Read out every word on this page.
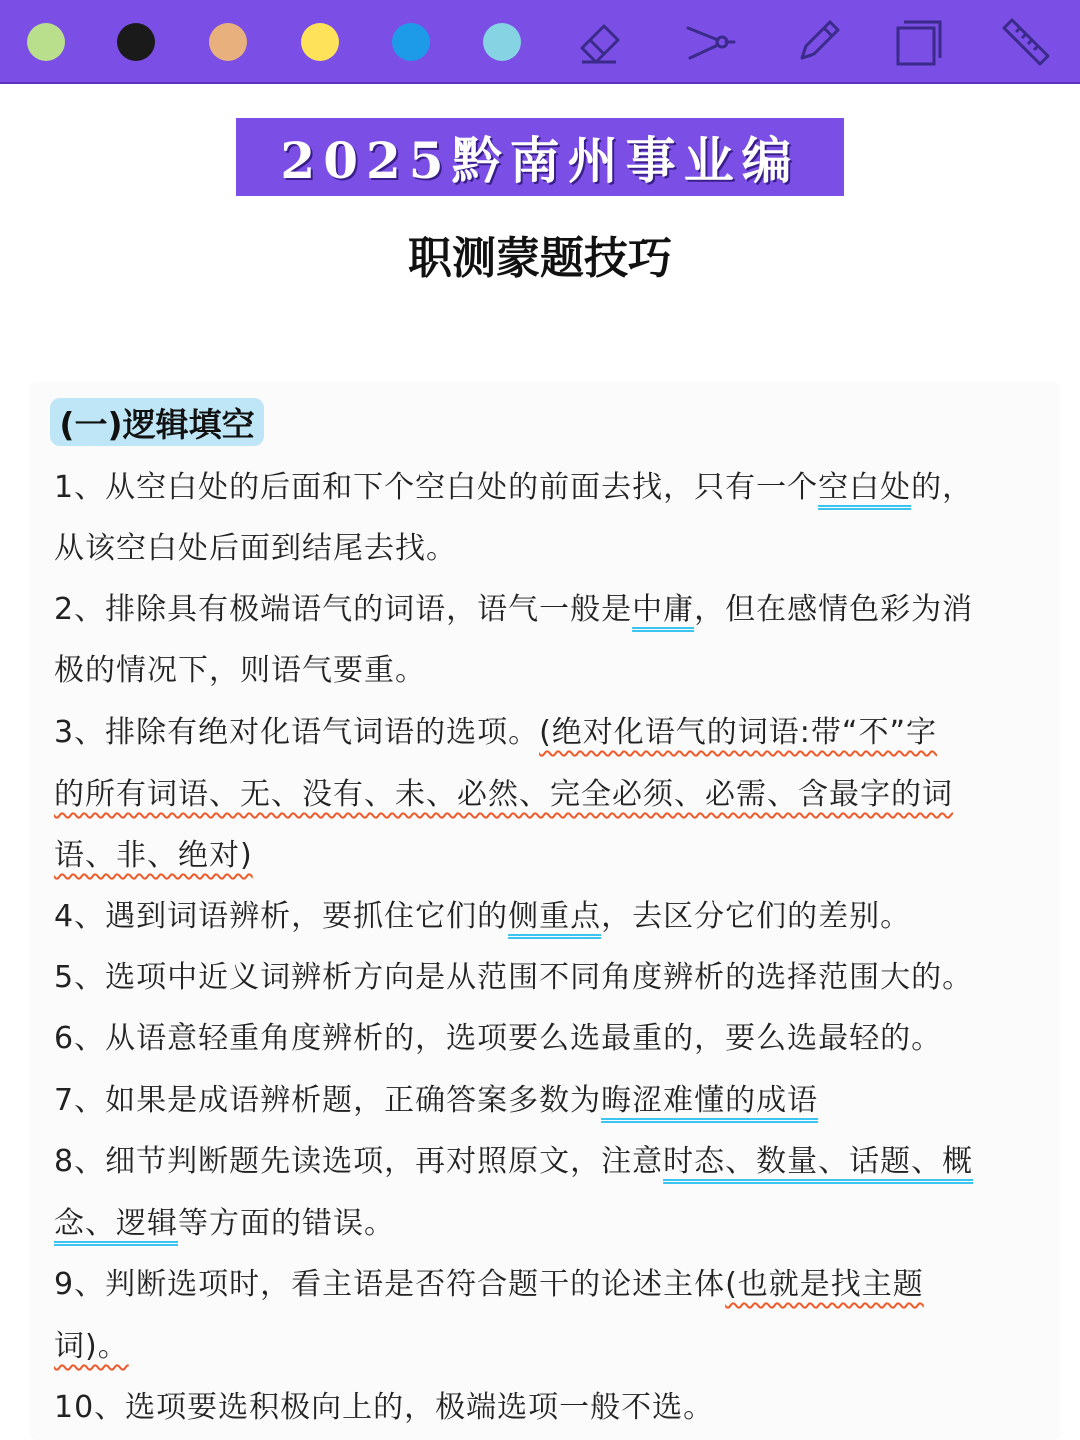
2025黔南州事业编
职测蒙题技巧
(一)逻辑填空
1、从空白处的后面和下个空白处的前面去找，只有一个空白处的，
从该空白处后面到结尾去找。
2、排除具有极端语气的词语，语气一般是中庸，但在感情色彩为消
极的情况下，则语气要重。
3、排除有绝对化语气词语的选项。(绝对化语气的词语:带“不”字
的所有词语、无、没有、未、必然、完全必须、必需、含最字的词
语、非、绝对)
4、遇到词语辨析，要抓住它们的侧重点，去区分它们的差别。
5、选项中近义词辨析方向是从范围不同角度辨析的选择范围大的。
6、从语意轻重角度辨析的，选项要么选最重的，要么选最轻的。
7、如果是成语辨析题，正确答案多数为晦涩难懂的成语
8、细节判断题先读选项，再对照原文，注意时态、数量、话题、概
念、逻辑等方面的错误。
9、判断选项时，看主语是否符合题干的论述主体(也就是找主题
词)。
10、选项要选积极向上的，极端选项一般不选。
